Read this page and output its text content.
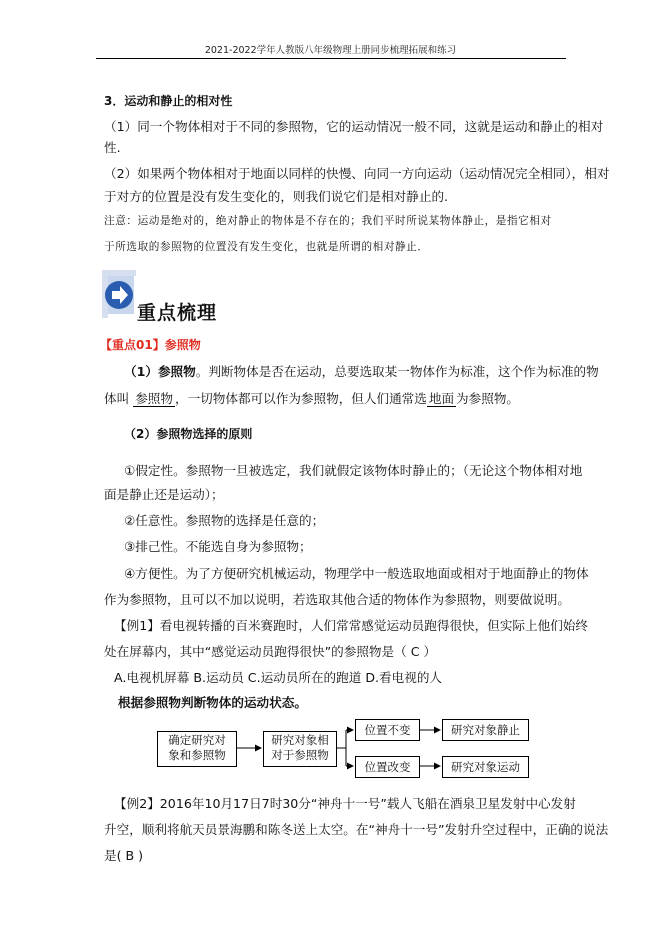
2021-2022学年人教版八年级物理上册同步梳理拓展和练习
3．运动和静止的相对性
（1）同一个物体相对于不同的参照物，它的运动情况一般不同，这就是运动和静止的相对
性.
（2）如果两个物体相对于地面以同样的快慢、向同一方向运动（运动情况完全相同），相对
于对方的位置是没有发生变化的，则我们说它们是相对静止的.
注意：运动是绝对的，绝对静止的物体是不存在的；我们平时所说某物体静止，是指它相对
于所选取的参照物的位置没有发生变化，也就是所谓的相对静止．
重点梳理
【重点01】参照物
（1）参照物。判断物体是否在运动，总要选取某一物体作为标准，这个作为标准的物
体叫 参照物 ，一切物体都可以作为参照物，但人们通常选 地面 为参照物。
（2）参照物选择的原则
①假定性。参照物一旦被选定，我们就假定该物体时静止的；（无论这个物体相对地
面是静止还是运动）；
②任意性。参照物的选择是任意的；
③排己性。不能选自身为参照物；
④方便性。为了方便研究机械运动，物理学中一般选取地面或相对于地面静止的物体
作为参照物，且可以不加以说明，若选取其他合适的物体作为参照物，则要做说明。
【例1】看电视转播的百米赛跑时，人们常常感觉运动员跑得很快，但实际上他们始终
处在屏幕内，其中“感觉运动员跑得很快”的参照物是（ C ）
A.电视机屏幕 B.运动员 C.运动员所在的跑道 D.看电视的人
根据参照物判断物体的运动状态。
确定研究对
象和参照物
研究对象相
对于参照物
位置不变	研究对象静止
位置改变	研究对象运动
【例2】2016年10月17日7时30分“神舟十一号”载人飞船在酒泉卫星发射中心发射
升空，顺利将航天员景海鹏和陈冬送上太空。在“神舟十一号”发射升空过程中，正确的说法
是( B )
